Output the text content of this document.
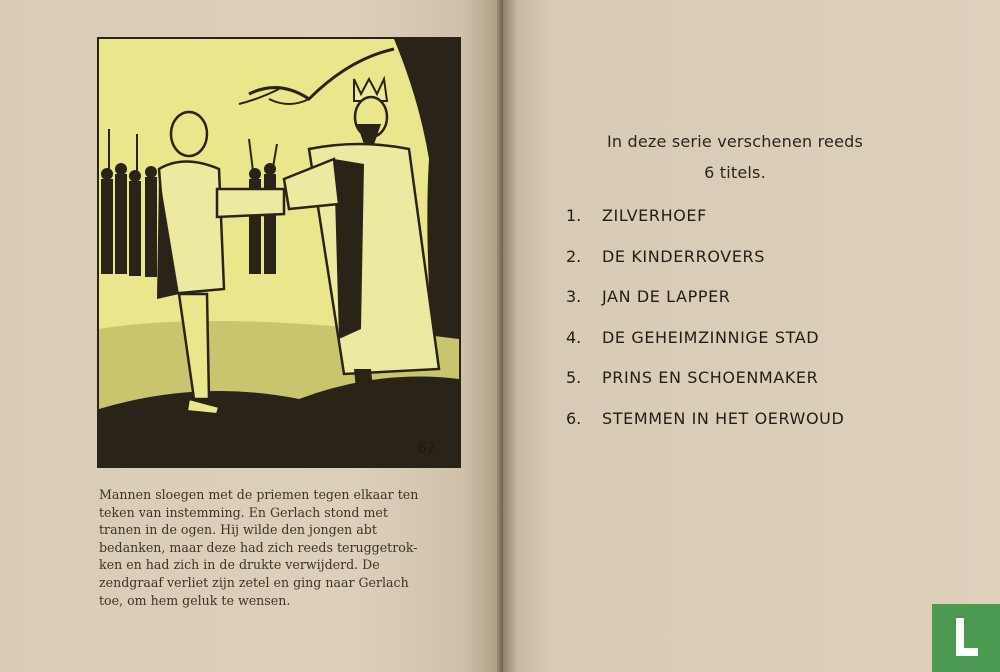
62
Mannen sloegen met de priemen tegen elkaar ten
teken van instemming. En Gerlach stond met
tranen in de ogen. Hij wilde den jongen abt
bedanken, maar deze had zich reeds teruggetrok-
ken en had zich in de drukte verwijderd. De
zendgraaf verliet zijn zetel en ging naar Gerlach
toe, om hem geluk te wensen.
In deze serie verschenen reeds
6 titels.
1.	ZILVERHOEF
2.	DE KINDERROVERS
3.	JAN DE LAPPER
4.	DE GEHEIMZINNIGE STAD
5.	PRINS EN SCHOENMAKER
6.	STEMMEN IN HET OERWOUD
